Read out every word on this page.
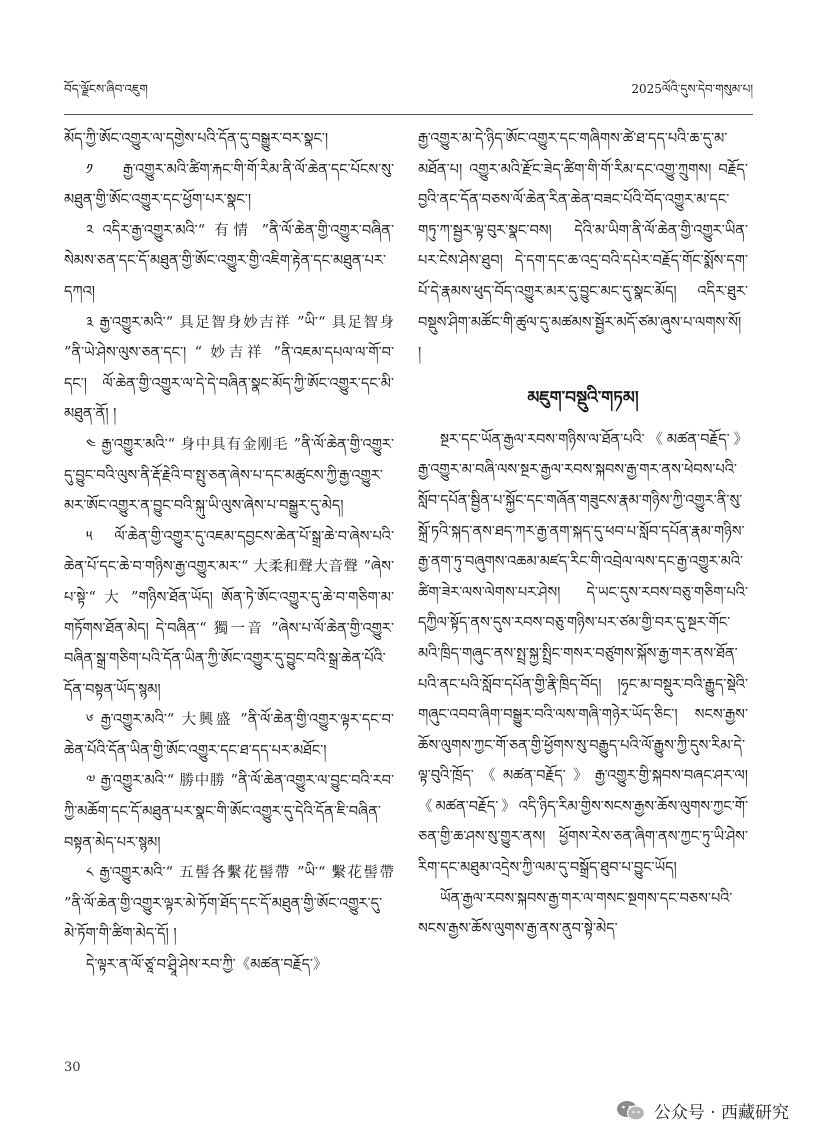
བོད་ལྗོངས་ཞིབ་འཇུག	2025ལོའི་དུས་དེབ་གསུམ་པ།

མོད་ཀྱི་ཨོང་འགྱུར་ལ་དགྱེས་པའི་དོན་དུ་བསྒྱུར་བར་སྣང་།

༡ རྒྱ་འགྱུར་མའི་ཚིག་རྐང་གི་གོ་རིམ་ནི་ལོ་ཆེན་དང་པོངས་སུ་མཐུན་གྱི་ཨོང་འགྱུར་དང་ཕྱོག་པར་སྣང་།

༢ འདིར་རྒྱ་འགྱུར་མའི་“ 有情 ”ནི་ལོ་ཆེན་གྱི་འགྱུར་བཞིན་སེམས་ཅན་དང་དོ་མཐུན་གྱི་ཨོང་འགྱུར་གྱི་འཇིག་རྟེན་དང་མཐུན་པར་དཀའ།

༣ རྒྱ་འགྱུར་མའི་“ 具足智身妙吉祥 ”ཡི་“ 具足智身 ”ནི་ཡེ་ཤེས་ལུས་ཅན་དང་། “ 妙吉祥 ”ནི་འཇམ་དཔལ་ལ་གོ་བ་དང་། ལོ་ཆེན་གྱི་འགྱུར་ལ་དེ་དེ་བཞིན་སྣང་མོད་ཀྱི་ཨོང་འགྱུར་དང་མི་མཐུན་ནོ། །

༤ རྒྱ་འགྱུར་མའི་“ 身中具有金刚毛 ”ནི་ལོ་ཆེན་གྱི་འགྱུར་དུ་བྱུང་བའི་ལུས་ནི་རྡོ་རྗེའི་བ་སྤུ་ཅན་ཞེས་པ་དང་མཚུངས་ཀྱི་རྒྱ་འགྱུར་མར་ཨོང་འགྱུར་ན་བྱུང་བའི་སྐུ་ཡི་ལུས་ཞེས་པ་བསྒྱུར་དུ་མེད།

༥ ལོ་ཆེན་གྱི་འགྱུར་དུ་འཇམ་དབྱངས་ཆེན་པོ་སྒྲ་ཆེ་བ་ཞེས་པའི་ཆེན་པོ་དང་ཆེ་བ་གཉིས་རྒྱ་འགྱུར་མར་“ 大柔和聲大音聲 ”ཞེས་པ་སྟེ་“ 大 ”གཉིས་ཐོན་ཡོད། ཨོན་ཏེ་ཨོང་འགྱུར་དུ་ཆེ་བ་གཅིག་མ་གཏོགས་ཐོན་མེད། དེ་བཞིན་“ 獨一音 ”ཞེས་པ་ལོ་ཆེན་གྱི་འགྱུར་བཞིན་སྒྲ་གཅིག་པའི་དོན་ཡིན་ཀྱི་ཨོང་འགྱུར་དུ་བྱུང་བའི་སྒྲ་ཆེན་པོའི་དོན་བསྟན་ཡོད་སྙམ།

༦ རྒྱ་འགྱུར་མའི་“ 大興盛 ”ནི་ལོ་ཆེན་གྱི་འགྱུར་ལྟར་དང་བ་ཆེན་པོའི་དོན་ཡིན་གྱི་ཨོང་འགྱུར་དང་ཐ་དད་པར་མཐོང་།

༧ རྒྱ་འགྱུར་མའི་“ 勝中勝 ”ནི་ལོ་ཆེན་འགྱུར་ལ་བྱུང་བའི་རབ་ཀྱི་མཆོག་དང་དོ་མཐུན་པར་སྣང་གི་ཨོང་འགྱུར་དུ་དེའི་དོན་ཇི་བཞིན་བསྟན་མེད་པར་སྙམ།

༨ རྒྱ་འགྱུར་མའི་“ 五髻各繫花髻帶 ”ཡི་“ 繫花髻帶 ”ནི་ལོ་ཆེན་གྱི་འགྱུར་ལྟར་མེ་ཏོག་ཐོད་དང་དོ་མཐུན་གྱི་ཨོང་འགྱུར་དུ་མེ་ཏོག་གི་ཚིག་མེད་དོ། །

དེ་ལྟར་ན་ལོ་ཙཱ་བ་ཤྲཱི་ཤེས་རབ་ཀྱི་《མཚན་བརྗོད་》

རྒྱ་འགྱུར་མ་དེ་ཉིད་ཨོང་འགྱུར་དང་གཞིགས་ཚེ་ཐ་དད་པའི་ཆ་དུ་མ་མཐོན་པ། འགྱུར་མའི་རྫོང་ཟེད་ཚིག་གི་གོ་རིམ་དང་འགྱུ་ཀྲུགས། བརྗོད་བྱའི་ནང་དོན་བཅས་ལོ་ཆེན་རིན་ཆེན་བཟང་པོའི་བོད་འགྱུར་མ་དང་གཏུ་ཀ་སྦྱར་ལྟ་བུར་སྣང་བས། དེའི་མ་ཡིག་ནི་ལོ་ཆེན་གྱི་འགྱུར་ཡིན་པར་ངེས་ཤེས་ཐུབ། དེ་དག་དང་ཆ་འདྲ་བའི་དཔེར་བརྗོད་གོང་སྨོས་དག་པོ་དེ་རྣམས་ཕུད་བོད་འགྱུར་མར་དུ་བྱུང་མང་དུ་སྣང་མོད། འདིར་ཐུར་བསྡུས་ཤིག་མཚོང་གི་ཚུལ་དུ་མཚམས་སྦྱོར་མདོ་ཙམ་ཞུས་པ་ལགས་སོ། །

མཇུག་བསྡུའི་གཏམ།

སྔར་དང་ཡོན་རྒྱལ་རབས་གཉིས་ལ་ཐོན་པའི་《མཚན་བརྗོད་》རྒྱ་འགྱུར་མ་བཞི་ལས་སྔར་རྒྱལ་རབས་སྐབས་རྒྱ་གར་ནས་ཕེབས་པའི་སློབ་དཔོན་སྦྱིན་པ་སྐྱོང་དང་གཞོན་གཟུངས་རྣམ་གཉིས་ཀྱི་འགྱུར་ནི་སུ་སྐྲོ་ཏའི་སྐད་ནས་ཐད་ཀར་རྒྱ་ནག་སྐད་དུ་ཕབ་པ་སློབ་དཔོན་རྣམ་གཉིས་རྒྱ་ནག་ཏུ་བཞུགས་འཆམ་མཛད་རིང་གི་འབྲེལ་ལས་དང་རྒྱ་འགྱུར་མའི་ཚིག་ཟེར་ལས་ལེགས་པར་ཤེས། དེ་ཡང་དུས་རབས་བཅུ་གཅིག་པའི་དཀྱིལ་སྟོད་ནས་དུས་རབས་བཅུ་གཉིས་པར་ཙམ་གྱི་བར་དུ་སྔར་གོང་མའི་ཁྲིད་གཞུང་ནས་སྤྲ་སྐྱ་སྤྲིང་གསར་བཙུགས་སྐོས་རྒྱ་གར་ནས་ཐོན་པའི་ནང་པའི་སློབ་དཔོན་གྱི་རྣི་ཁྲིད་བོད། །ཧྭང་མ་བསྡུར་བའི་རྒྱུད་སྡེའི་གཞུང་འབབ་ཞིག་བསྒྱུར་བའི་ལས་གཞི་གཉེར་ཡོད་ཅིང་། སངས་རྒྱས་ཆོས་ལུགས་ཀྱང་གོ་ཅན་གྱི་ཕྱོགས་སུ་བརྒྱུད་པའི་ལོ་རྒྱུས་ཀྱི་དུས་རིམ་དེ་ལྟ་བུའི་ཁྲོད་《མཚན་བརྗོད་》རྒྱ་འགྱུར་གྱི་སྐབས་བཞང་ཤར་ལ། 《མཚན་བརྗོད་》འདི་ཉིད་རིམ་གྱིས་སངས་རྒྱས་ཆོས་ལུགས་ཀྱང་གོ་ཅན་གྱི་ཆ་ཤས་སུ་གྱུར་ནས། ཕྱོགས་རེས་ཅན་ཞིག་ནས་ཀྱང་ཏུ་ཡི་ཤེས་རིག་དང་མཐུམ་འདྲེས་ཀྱི་ལམ་དུ་བསྒྲོད་ཐུབ་པ་བྱུང་ཡོད།

ཡོན་རྒྱལ་རབས་སྐབས་རྒྱ་གར་ལ་གསང་སྔགས་དང་བཅས་པའི་སངས་རྒྱས་ཆོས་ལུགས་རྒྱ་ནས་ནུབ་སྟེ་མེད་

30
公众号 · 西藏研究
